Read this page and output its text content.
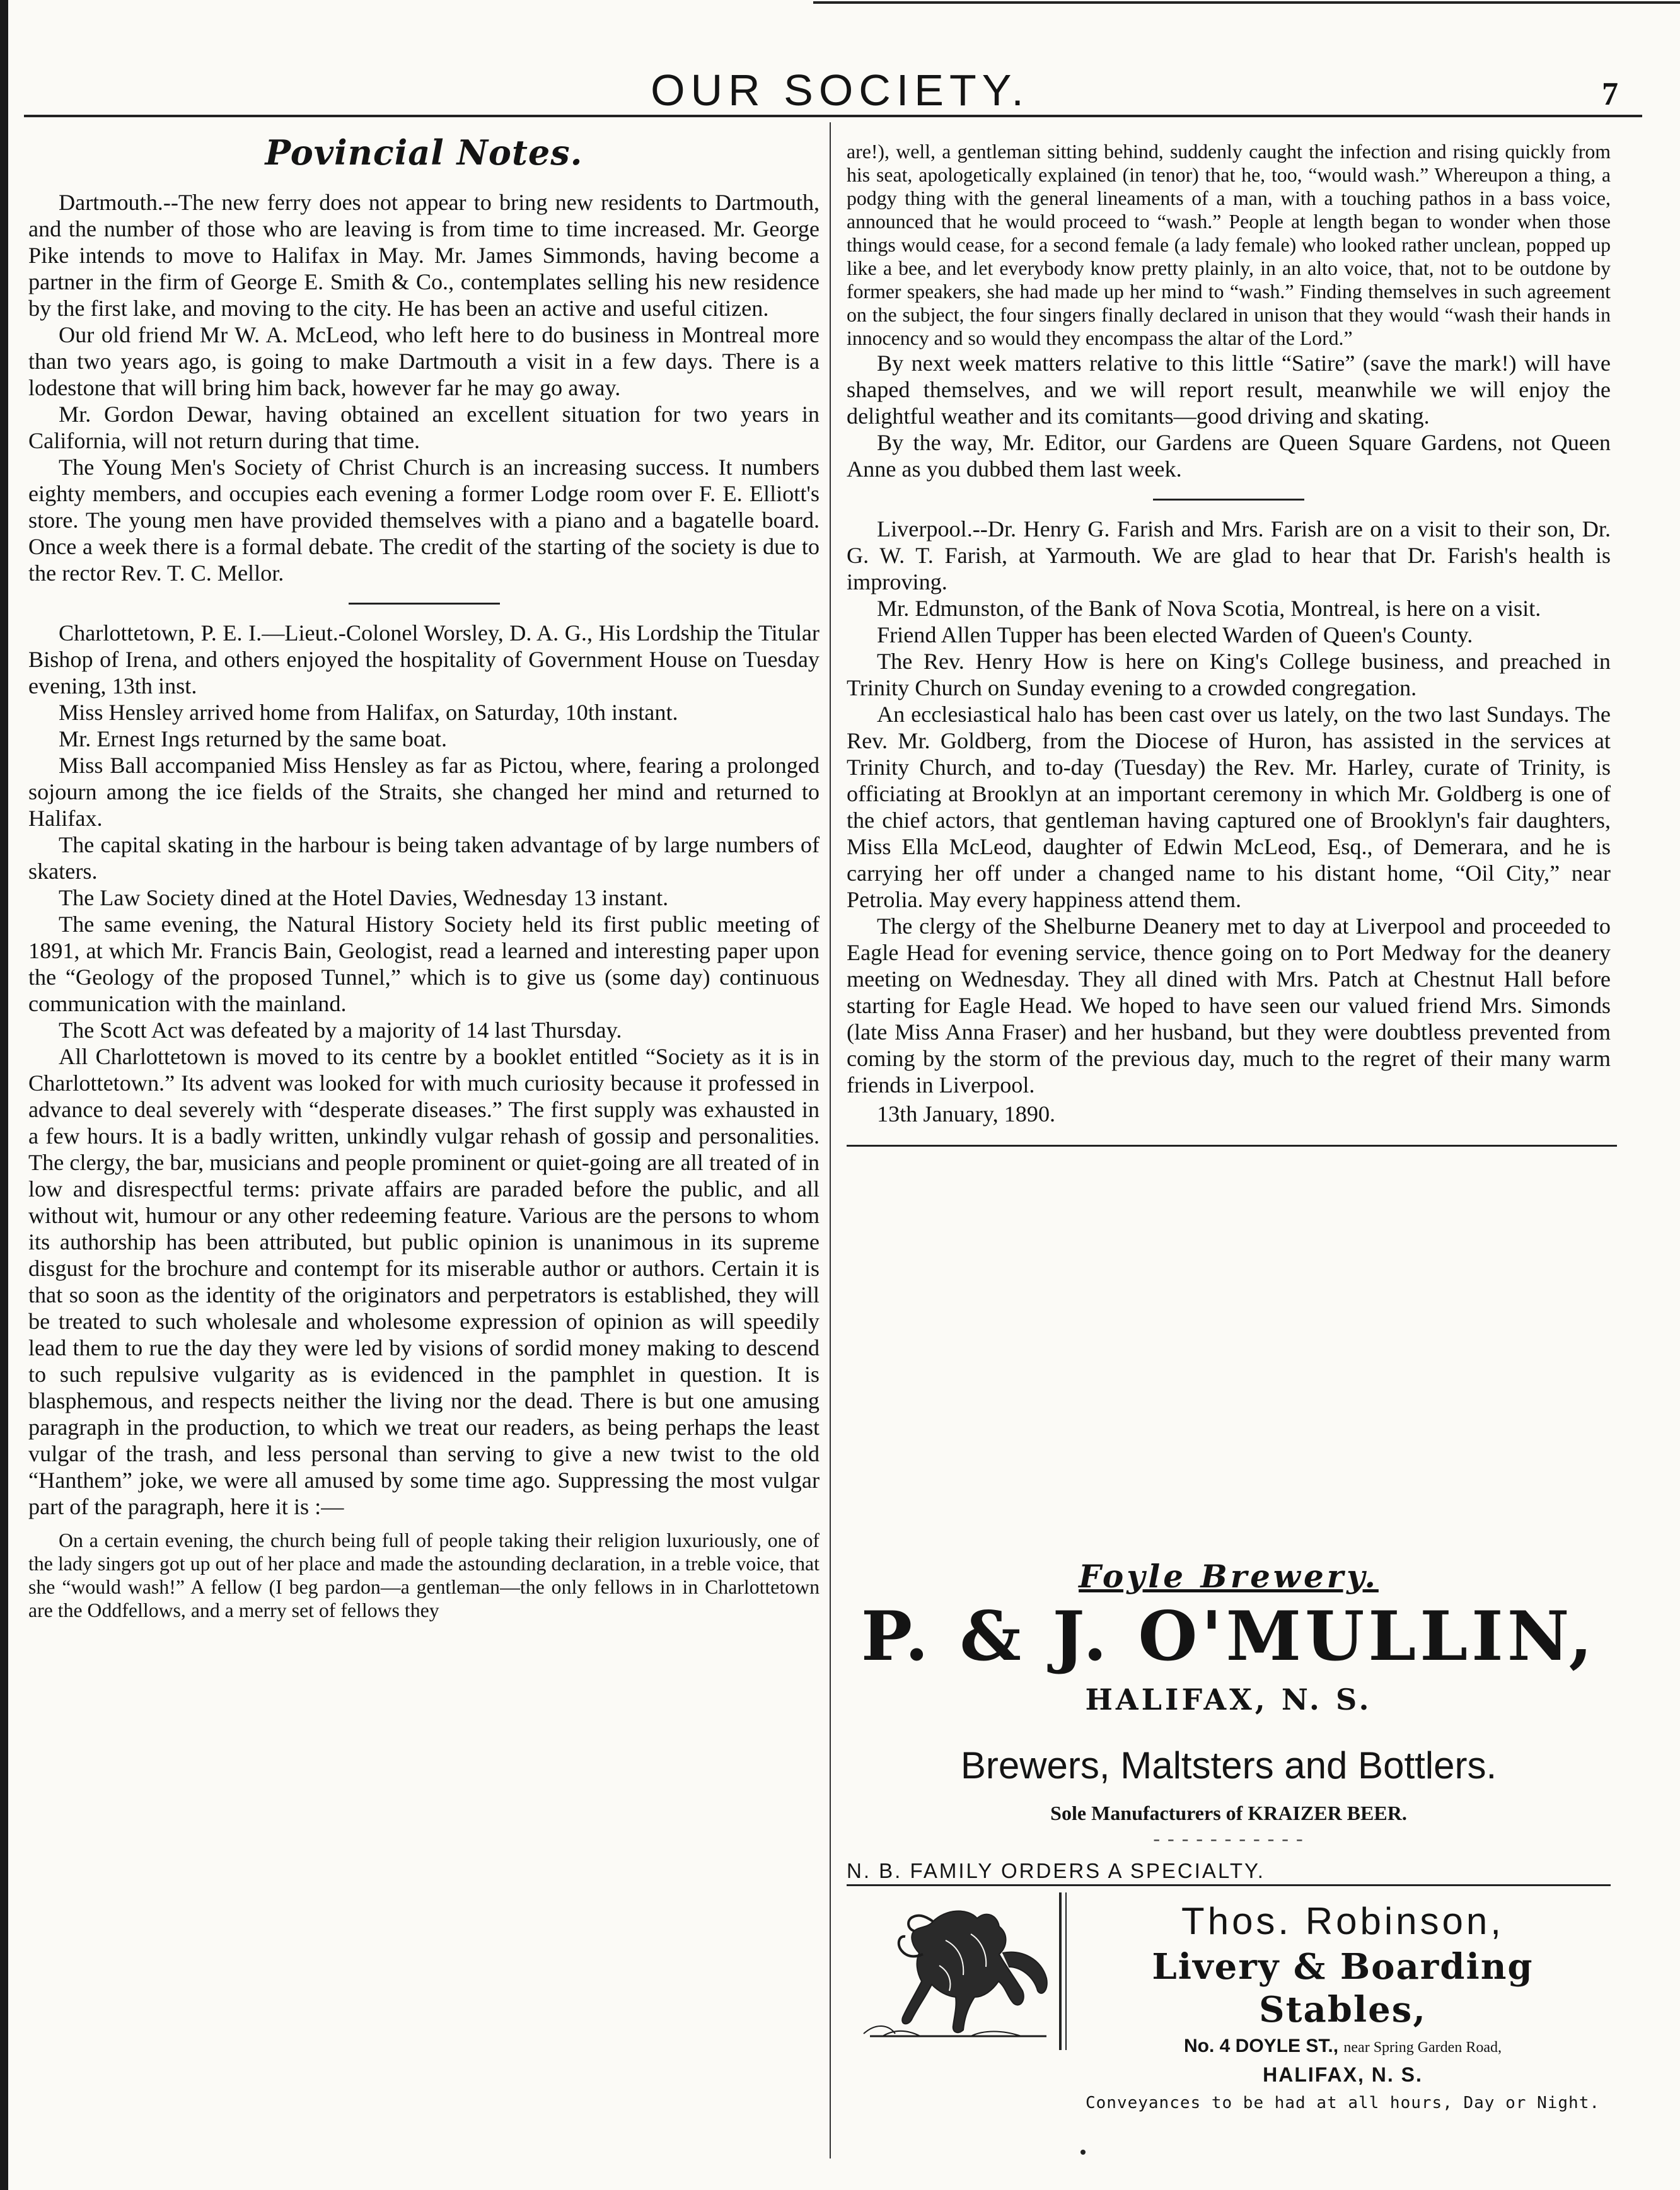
OUR SOCIETY.	7
Povincial Notes.

Dartmouth.--The new ferry does not appear to bring new residents to Dartmouth, and the number of those who are leaving is from time to time increased. Mr. George Pike intends to move to Halifax in May. Mr. James Simmonds, having become a partner in the firm of George E. Smith & Co., contemplates selling his new residence by the first lake, and moving to the city. He has been an active and useful citizen.

Our old friend Mr W. A. McLeod, who left here to do business in Montreal more than two years ago, is going to make Dartmouth a visit in a few days. There is a lodestone that will bring him back, however far he may go away.

Mr. Gordon Dewar, having obtained an excellent situation for two years in California, will not return during that time.

The Young Men's Society of Christ Church is an increasing success. It numbers eighty members, and occupies each evening a former Lodge room over F. E. Elliott's store. The young men have provided themselves with a piano and a bagatelle board. Once a week there is a formal debate. The credit of the starting of the society is due to the rector Rev. T. C. Mellor.

Charlottetown, P. E. I.—Lieut.-Colonel Worsley, D. A. G., His Lordship the Titular Bishop of Irena, and others enjoyed the hospitality of Government House on Tuesday evening, 13th inst.

Miss Hensley arrived home from Halifax, on Saturday, 10th instant.

Mr. Ernest Ings returned by the same boat.

Miss Ball accompanied Miss Hensley as far as Pictou, where, fearing a prolonged sojourn among the ice fields of the Straits, she changed her mind and returned to Halifax.

The capital skating in the harbour is being taken advantage of by large numbers of skaters.

The Law Society dined at the Hotel Davies, Wednesday 13 instant.

The same evening, the Natural History Society held its first public meeting of 1891, at which Mr. Francis Bain, Geologist, read a learned and interesting paper upon the “Geology of the proposed Tunnel,” which is to give us (some day) continuous communication with the mainland.

The Scott Act was defeated by a majority of 14 last Thursday.

All Charlottetown is moved to its centre by a booklet entitled “Society as it is in Charlottetown.” Its advent was looked for with much curiosity because it professed in advance to deal severely with “desperate diseases.” The first supply was exhausted in a few hours. It is a badly written, unkindly vulgar rehash of gossip and personalities. The clergy, the bar, musicians and people prominent or quiet-going are all treated of in low and disrespectful terms: private affairs are paraded before the public, and all without wit, humour or any other redeeming feature. Various are the persons to whom its authorship has been attributed, but public opinion is unanimous in its supreme disgust for the brochure and contempt for its miserable author or authors. Certain it is that so soon as the identity of the originators and perpetrators is established, they will be treated to such wholesale and wholesome expression of opinion as will speedily lead them to rue the day they were led by visions of sordid money making to descend to such repulsive vulgarity as is evidenced in the pamphlet in question. It is blasphemous, and respects neither the living nor the dead. There is but one amusing paragraph in the production, to which we treat our readers, as being perhaps the least vulgar of the trash, and less personal than serving to give a new twist to the old “Hanthem” joke, we were all amused by some time ago. Suppressing the most vulgar part of the paragraph, here it is :—

On a certain evening, the church being full of people taking their religion luxuriously, one of the lady singers got up out of her place and made the astounding declaration, in a treble voice, that she “would wash!” A fellow (I beg pardon—a gentleman—the only fellows in in Charlottetown are the Oddfellows, and a merry set of fellows they

are!), well, a gentleman sitting behind, suddenly caught the infection and rising quickly from his seat, apologetically explained (in tenor) that he, too, “would wash.” Whereupon a thing, a podgy thing with the general lineaments of a man, with a touching pathos in a bass voice, announced that he would proceed to “wash.” People at length began to wonder when those things would cease, for a second female (a lady female) who looked rather unclean, popped up like a bee, and let everybody know pretty plainly, in an alto voice, that, not to be outdone by former speakers, she had made up her mind to “wash.” Finding themselves in such agreement on the subject, the four singers finally declared in unison that they would “wash their hands in innocency and so would they encompass the altar of the Lord.”

By next week matters relative to this little “Satire” (save the mark!) will have shaped themselves, and we will report result, meanwhile we will enjoy the delightful weather and its comitants—good driving and skating.

By the way, Mr. Editor, our Gardens are Queen Square Gardens, not Queen Anne as you dubbed them last week.

Liverpool.--Dr. Henry G. Farish and Mrs. Farish are on a visit to their son, Dr. G. W. T. Farish, at Yarmouth. We are glad to hear that Dr. Farish's health is improving.

Mr. Edmunston, of the Bank of Nova Scotia, Montreal, is here on a visit.

Friend Allen Tupper has been elected Warden of Queen's County.

The Rev. Henry How is here on King's College business, and preached in Trinity Church on Sunday evening to a crowded congregation.

An ecclesiastical halo has been cast over us lately, on the two last Sundays. The Rev. Mr. Goldberg, from the Diocese of Huron, has assisted in the services at Trinity Church, and to-day (Tuesday) the Rev. Mr. Harley, curate of Trinity, is officiating at Brooklyn at an important ceremony in which Mr. Goldberg is one of the chief actors, that gentleman having captured one of Brooklyn's fair daughters, Miss Ella McLeod, daughter of Edwin McLeod, Esq., of Demerara, and he is carrying her off under a changed name to his distant home, “Oil City,” near Petrolia. May every happiness attend them.

The clergy of the Shelburne Deanery met to day at Liverpool and proceeded to Eagle Head for evening service, thence going on to Port Medway for the deanery meeting on Wednesday. They all dined with Mrs. Patch at Chestnut Hall before starting for Eagle Head. We hoped to have seen our valued friend Mrs. Simonds (late Miss Anna Fraser) and her husband, but they were doubtless prevented from coming by the storm of the previous day, much to the regret of their many warm friends in Liverpool.

13th January, 1890.

Foyle Brewery.
P. & J. O'MULLIN,
HALIFAX, N. S.
Brewers, Maltsters and Bottlers.
Sole Manufacturers of KRAIZER BEER.
- - - - - - - - - - -
N. B. FAMILY ORDERS A SPECIALTY.
Thos. Robinson,
Livery & Boarding Stables,
No. 4 DOYLE ST., near Spring Garden Road,
HALIFAX, N. S.
Conveyances to be had at all hours, Day or Night.
